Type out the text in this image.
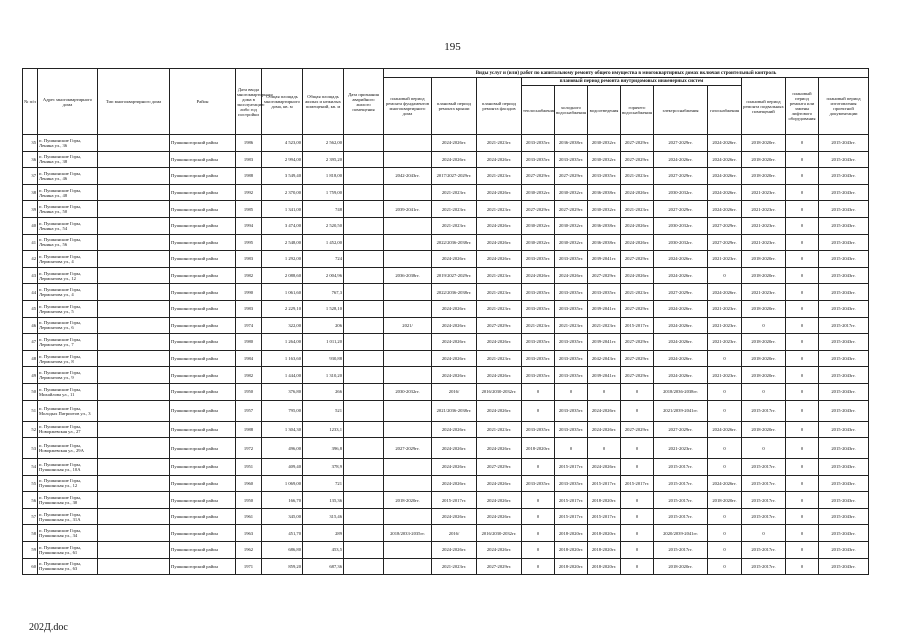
195
№ п/п	Адрес многоквартирного дома	Тип многоквартирного дома	Район	Дата ввода многоквартирного дома в эксплуатацию либо год постройки	Общая площадь многоквартирного дома, кв. м	Общая площадь жилых и нежилых помещений, кв. м	Дата признания аварийного жилого помещения	Виды услуг и (или) работ по капитальному ремонту общего имущества в многоквартирных домах включая строительный контроль											
								плановый период ремонта фундаментов многоквартирного дома	плановый период ремонта крыши	плановый период ремонта фасадов	плановый период ремонта внутридомовых инженерных систем						плановый период ремонта подвальных помещений	плановый период ремонта или замены лифтового оборудования	плановый период изготовления проектной документации
											теплоснабжения	холодного водоснабжения	водоотведения	горячего водоснабжения	электроснабжения	газоснабжения			
35	п. Пушкинские Горы, Ленина ул., 36		Пушкиногорский район	1986	4 523,00	2 562,00			2024-2026гг.	2021-2023гг.	2033-2035гг.	2036-2038гг.	2030-2032гг.	2027-2029гг.	2027-2029гг.	2024-2026гг.	2018-2020гг.	0	2015-2043гг.
36	п. Пушкинские Горы, Ленина ул., 38		Пушкиногорский район	1983	2 994,00	2 395,20			2024-2026гг.	2024-2026гг.	2033-2035гг.	2033-2035гг.	2030-2032гг.	2027-2029гг.	2024-2026гг.	2024-2026гг.	2018-2020гг.	0	2015-2043гг.
37	п. Пушкинские Горы, Ленина ул., 46		Пушкиногорский район	1988	3 549,40	1 818,00		2042-2043гг.	2017/2027-2029гг.	2021-2023гг.	2027-2029гг.	2027-2029гг.	2033-2035гг.	2021-2023гг.	2027-2029гг.	2024-2026гг.	2018-2020гг.	0	2015-2043гг.
38	п. Пушкинские Горы, Ленина ул., 48		Пушкиногорский район	1992	2 370,00	1 759,00			2021-2023гг.	2024-2026гг.	2030-2032гг.	2030-2032гг.	2036-2038гг.	2024-2026гг.	2030-2032гг.	2024-2026гг.	2021-2023гг.	0	2015-2043гг.
39	п. Пушкинские Горы, Ленина ул., 50		Пушкиногорский район	1985	1 341,00	748		2039-2041гг.	2021-2023гг.	2021-2023гг.	2027-2029гг.	2027-2029гг.	2030-2032гг.	2021-2023гг.	2027-2029гг.	2024-2026гг.	2021-2023гг.	0	2015-2043гг.
40	п. Пушкинские Горы, Ленина ул., 54		Пушкиногорский район	1994	3 474,00	2 520,50			2021-2023гг.	2024-2026гг.	2030-2032гг.	2030-2032гг.	2036-2038гг.	2024-2026гг.	2030-2032гг.	2027-2029гг.	2021-2023гг.	0	2015-2043гг.
41	п. Пушкинские Горы, Ленина ул., 56		Пушкиногорский район	1995	2 548,00	1 452,00			2022/2036-2038гг.	2024-2026гг.	2030-2032гг.	2030-2032гг.	2036-2038гг.	2024-2026гг.	2030-2032гг.	2027-2029гг.	2021-2023гг.	0	2015-2043гг.
42	п. Пушкинские Горы, Лермонтова ул., 4		Пушкиногорский район	1983	1 292,00	724			2024-2026гг.	2024-2026гг.	2033-2035гг.	2033-2035гг.	2039-2041гг.	2027-2029гг.	2024-2026гг.	2021-2023гг.	2018-2020гг.	0	2015-2043гг.
43	п. Пушкинские Горы, Лермонтова ул., 12		Пушкиногорский район	1982	2 088,60	2 004,96		2036-2038гг.	2019/2027-2029гг.	2021-2023гг.	2024-2026гг.	2024-2026гг.	2027-2029гг.	2024-2026гг.	2024-2026гг.	0	2018-2020гг.	0	2015-2043гг.
44	п. Пушкинские Горы, Лермонтова ул., 4		Пушкиногорский район	1990	1 061,60	767,3			2022/2036-2038гг.	2021-2023гг.	2033-2035гг.	2033-2035гг.	2033-2035гг.	2021-2023гг.	2027-2029гг.	2024-2026гг.	2021-2023гг.	0	2015-2043гг.
45	п. Пушкинские Горы, Лермонтова ул., 5		Пушкиногорский район	1983	2 229,10	1 528,10			2024-2026гг.	2021-2023гг.	2033-2035гг.	2033-2035гг.	2039-2041гг.	2027-2029гг.	2024-2026гг.	2021-2023гг.	2018-2020гг.	0	2015-2043гг.
46	п. Пушкинские Горы, Лермонтова ул., 6		Пушкиногорский район	1974	322,00	206		2021/	2024-2026гг.	2027-2029гг.	2021-2023гг.	2021-2023гг.	2021-2023гг.	2015-2017гг.	2024-2026гг.	2021-2023гг.	0	0	2015-2017гг.
47	п. Пушкинские Горы, Лермонтова ул., 7		Пушкиногорский район	1980	1 264,00	1 011,20			2024-2026гг.	2024-2026гг.	2033-2035гг.	2033-2035гг.	2039-2041гг.	2027-2029гг.	2024-2026гг.	2021-2023гг.	2018-2020гг.	0	2015-2043гг.
48	п. Пушкинские Горы, Лермонтова ул., 8		Пушкиногорский район	1984	1 163,60	930,88			2024-2026гг.	2021-2023гг.	2033-2035гг.	2033-2035гг.	2042-2043гг.	2027-2029гг.	2024-2026гг.	0	2018-2020гг.	0	2015-2043гг.
49	п. Пушкинские Горы, Лермонтова ул., 9		Пушкиногорский район	1982	1 444,00	1 310,20			2024-2026гг.	2024-2026гг.	2033-2035гг.	2033-2035гг.	2039-2041гг.	2027-2029гг.	2024-2026гг.	2021-2023гг.	2018-2020гг.	0	2015-2043гг.
50	п. Пушкинские Горы, Михайлова ул., 11		Пушкиногорский район	1950	376,80	266		2030-2032гг.	2016/	2016/2030-2032гг.	0	0	0	0	2018/2036-2038гг.	0	0	0	2015-2043гг.
51	п. Пушкинские Горы, Молодых Патриотов ул., 3		Пушкиногорский район	1957	795,00	521			2021/2036-2038гг.	2024-2026гг.	0	2033-2035гг.	2024-2026гг.	0	2021/2039-2041гг.	0	2015-2017гг.	0	2015-2043гг.
52	п. Пушкинские Горы, Новоржевская ул., 27		Пушкиногорский район	1988	1 304,30	1233,1			2024-2026гг.	2021-2023гг.	2033-2035гг.	2033-2035гг.	2024-2026гг.	2027-2029гг.	2027-2029гг.	2024-2026гг.	2018-2020гг.	0	2015-2043гг.
53	п. Пушкинские Горы, Новоржевская ул., 29А		Пушкиногорский район	1972	496,00	396,8		2027-2029гг.	2024-2026гг.	2024-2026гг.	2018-2020гг.	0	0	0	2021-2023гг.	0	0	0	2015-2043гг.
54	п. Пушкинские Горы, Пушкинская ул., 10А		Пушкиногорский район	1951	409,40	378,9			2024-2026гг.	2027-2029гг.	0	2015-2017гг.	2024-2026гг.	0	2015-2017гг.	0	2015-2017гг.	0	2015-2043гг.
55	п. Пушкинские Горы, Пушкинская ул., 12		Пушкиногорский район	1960	1 069,00	721			2024-2026гг.	2024-2026гг.	2033-2035гг.	2033-2035гг.	2015-2017гг.	2015-2017гг.	2015-2017гг.	2024-2026гг.	2015-2017гг.	0	2015-2043гг.
56	п. Пушкинские Горы, Пушкинская ул., 30		Пушкиногорский район	1950	166,70	135,36		2018-2020гг.	2015-2017гг.	2024-2026гг.	0	2015-2017гг.	2018-2020гг.	0	2015-2017гг.	2018-2020гг.	2015-2017гг.	0	2015-2043гг.
57	п. Пушкинские Горы, Пушкинская ул., 31А		Пушкиногорский район	1961	345,00	315,46			2024-2026гг.	2024-2026гг.	0	2015-2017гг.	2015-2017гг.	0	2015-2017гг.	0	2015-2017гг.	0	2015-2043гг.
58	п. Пушкинские Горы, Пушкинская ул., 34		Пушкиногорский район	1963	451,70	289		2018/2033-2035гг.	2016/	2016/2030-2032гг.	0	2018-2020гг.	2018-2020гг.	0	2020/2039-2041гг.	0	0	0	2015-2043гг.
59	п. Пушкинские Горы, Пушкинская ул., 61		Пушкиногорский район	1962	686,80	453,5			2024-2026гг.	2024-2026гг.	0	2018-2020гг.	2018-2020гг.	0	2015-2017гг.	0	2015-2017гг.	0	2015-2043гг.
60	п. Пушкинские Горы, Пушкинская ул., 63		Пушкиногорский район	1971	859,20	687,36			2021-2023гг.	2027-2029гг.	0	2018-2020гг.	2018-2020гг.	0	2018-2020гг.	0	2015-2017гг.	0	2015-2043гг.
202Д.doc
